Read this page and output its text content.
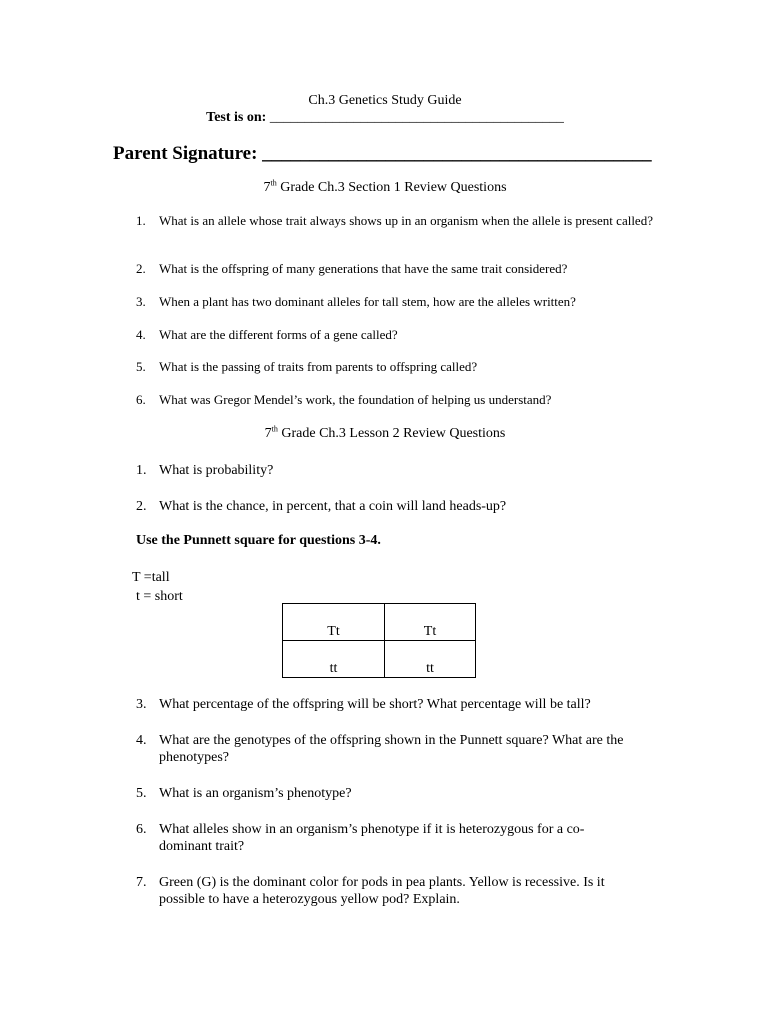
Ch.3 Genetics Study Guide
Test is on: __________________________________________
Parent Signature: _________________________________________
7th Grade Ch.3 Section 1 Review Questions
1.	What is an allele whose trait always shows up in an organism when the allele is present called?
2.	What is the offspring of many generations that have the same trait considered?
3.	When a plant has two dominant alleles for tall stem, how are the alleles written?
4.	What are the different forms of a gene called?
5.	What is the passing of traits from parents to offspring called?
6.	What was Gregor Mendel’s work, the foundation of helping us understand?
7th Grade Ch.3 Lesson 2 Review Questions
1. What is probability?
2. What is the chance, in percent, that a coin will land heads-up?
Use the Punnett square for questions 3-4.
T =tall
t = short
Tt	Tt
tt	tt
3. What percentage of the offspring will be short? What percentage will be tall?
4. What are the genotypes of the offspring shown in the Punnett square? What are the phenotypes?
5. What is an organism’s phenotype?
6. What alleles show in an organism’s phenotype if it is heterozygous for a co-dominant trait?
7. Green (G) is the dominant color for pods in pea plants. Yellow is recessive. Is it possible to have a heterozygous yellow pod? Explain.
